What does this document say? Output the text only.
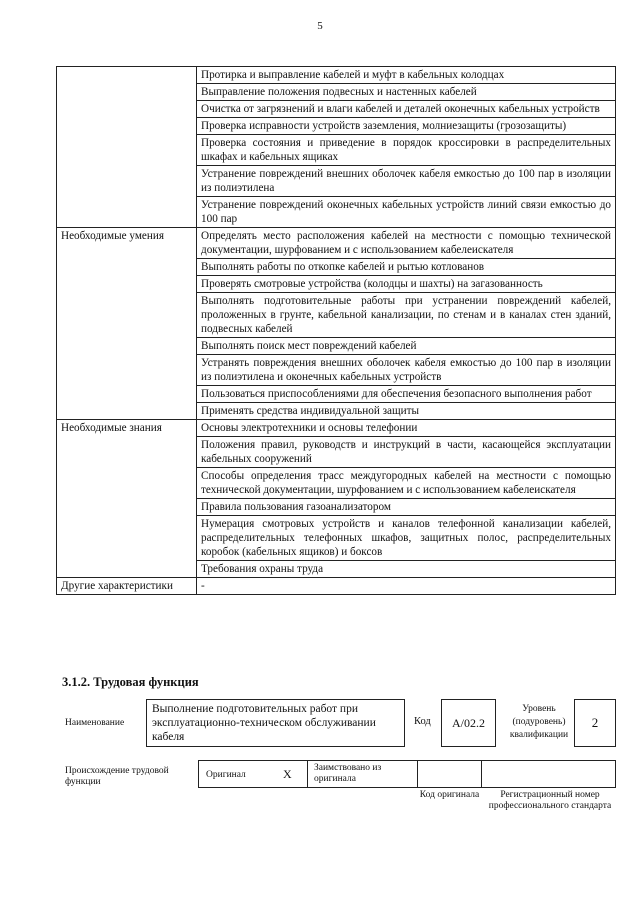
5
	Протирка и выправление кабелей и муфт в кабельных колодцах
	Выправление положения подвесных и настенных кабелей
	Очистка от загрязнений и влаги кабелей и деталей оконечных кабельных устройств
	Проверка исправности устройств заземления, молниезащиты (грозозащиты)
	Проверка состояния и приведение в порядок кроссировки в распределительных шкафах и кабельных ящиках
	Устранение повреждений внешних оболочек кабеля емкостью до 100 пар в изоляции из полиэтилена
	Устранение повреждений оконечных кабельных устройств линий связи емкостью до 100 пар
Необходимые умения	Определять место расположения кабелей на местности с помощью технической документации, шурфованием и с использованием кабелеискателя
	Выполнять работы по откопке кабелей и рытью котлованов
	Проверять смотровые устройства (колодцы и шахты) на загазованность
	Выполнять подготовительные работы при устранении повреждений кабелей, проложенных в грунте, кабельной канализации, по стенам и в каналах стен зданий, подвесных кабелей
	Выполнять поиск мест повреждений кабелей
	Устранять повреждения внешних оболочек кабеля емкостью до 100 пар в изоляции из полиэтилена и оконечных кабельных устройств
	Пользоваться приспособлениями для обеспечения безопасного выполнения работ
	Применять средства индивидуальной защиты
Необходимые знания	Основы электротехники и основы телефонии
	Положения правил, руководств и инструкций в части, касающейся эксплуатации кабельных сооружений
	Способы определения трасс междугородных кабелей на местности с помощью технической документации, шурфованием и с использованием кабелеискателя
	Правила пользования газоанализатором
	Нумерация смотровых устройств и каналов телефонной канализации кабелей, распределительных телефонных шкафов, защитных полос, распределительных коробок (кабельных ящиков) и боксов
	Требования охраны труда
Другие характеристики	-
3.1.2. Трудовая функция
Наименование
Выполнение подготовительных работ при эксплуатационно-техническом обслуживании кабеля
Код	А/02.2
Уровень (подуровень) квалификации
2
Происхождение трудовой функции
Оригинал	X Заимствовано из оригинала
Код оригинала	Регистрационный номер профессионального стандарта
